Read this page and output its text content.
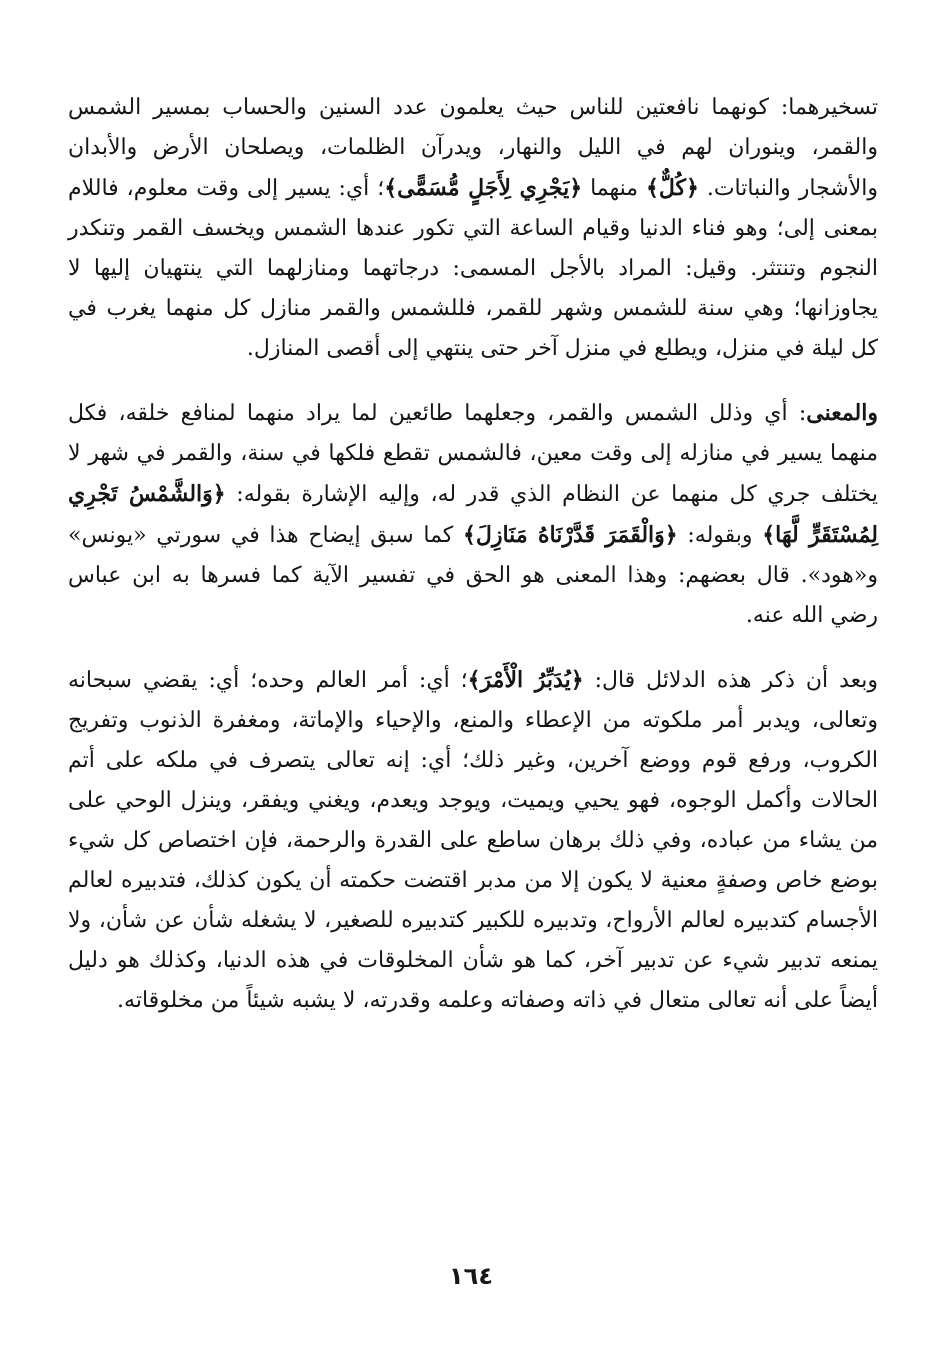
تسخيرهما: كونهما نافعتين للناس حيث يعلمون عدد السنين والحساب بمسير الشمس والقمر، وينوران لهم في الليل والنهار، ويدرآن الظلمات، ويصلحان الأرض والأبدان والأشجار والنباتات. ﴿كُلٌّ﴾ منهما ﴿يَجْرِي لِأَجَلٍ مُّسَمًّى﴾؛ أي: يسير إلى وقت معلوم، فاللام بمعنى إلى؛ وهو فناء الدنيا وقيام الساعة التي تكور عندها الشمس ويخسف القمر وتنكدر النجوم وتنتثر. وقيل: المراد بالأجل المسمى: درجاتهما ومنازلهما التي ينتهيان إليها لا يجاوزانها؛ وهي سنة للشمس وشهر للقمر، فللشمس والقمر منازل كل منهما يغرب في كل ليلة في منزل، ويطلع في منزل آخر حتى ينتهي إلى أقصى المنازل.

والمعنى: أي وذلل الشمس والقمر، وجعلهما طائعين لما يراد منهما لمنافع خلقه، فكل منهما يسير في منازله إلى وقت معين، فالشمس تقطع فلكها في سنة، والقمر في شهر لا يختلف جري كل منهما عن النظام الذي قدر له، وإليه الإشارة بقوله: ﴿وَالشَّمْسُ تَجْرِي لِمُسْتَقَرٍّ لَّهَا﴾ وبقوله: ﴿وَالْقَمَرَ قَدَّرْنَاهُ مَنَازِلَ﴾ كما سبق إيضاح هذا في سورتي «يونس» و«هود». قال بعضهم: وهذا المعنى هو الحق في تفسير الآية كما فسرها به ابن عباس رضي الله عنه.

وبعد أن ذكر هذه الدلائل قال: ﴿يُدَبِّرُ الْأَمْرَ﴾؛ أي: أمر العالم وحده؛ أي: يقضي سبحانه وتعالى، ويدبر أمر ملكوته من الإعطاء والمنع، والإحياء والإماتة، ومغفرة الذنوب وتفريج الكروب، ورفع قوم ووضع آخرين، وغير ذلك؛ أي: إنه تعالى يتصرف في ملكه على أتم الحالات وأكمل الوجوه، فهو يحيي ويميت، ويوجد ويعدم، ويغني ويفقر، وينزل الوحي على من يشاء من عباده، وفي ذلك برهان ساطع على القدرة والرحمة، فإن اختصاص كل شيء بوضع خاص وصفةٍ معنية لا يكون إلا من مدبر اقتضت حكمته أن يكون كذلك، فتدبيره لعالم الأجسام كتدبيره لعالم الأرواح، وتدبيره للكبير كتدبيره للصغير، لا يشغله شأن عن شأن، ولا يمنعه تدبير شيء عن تدبير آخر، كما هو شأن المخلوقات في هذه الدنيا، وكذلك هو دليل أيضاً على أنه تعالى متعال في ذاته وصفاته وعلمه وقدرته، لا يشبه شيئاً من مخلوقاته.

١٦٤
